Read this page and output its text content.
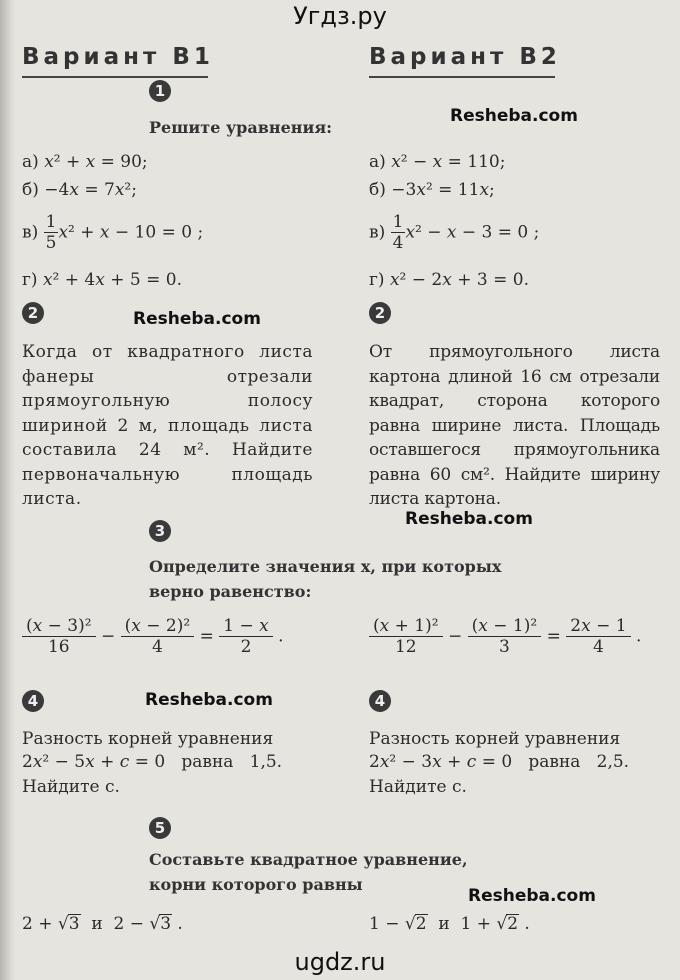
Угдз.ру
Вариант В1	Вариант В2
1
Решите уравнения:
Resheba.com
а) x² + x = 90;
б) −4x = 7x²;
$в) \frac{1}{5} x^2 + x - 10 = 0$ ;
г) x² + 4x + 5 = 0.
а) x² − x = 110;
б) −3x² = 11x;
$в) \frac{1}{4} x^2 - x - 3 = 0$ ;
г) x² − 2x + 3 = 0.
2	Resheba.com	2
Когда от квадратного листа фанеры отрезали прямоугольную полосу шириной 2 м, площадь листа составила 24 м². Найдите первоначальную площадь листа.
От прямоугольного листа картона длиной 16 см отрезали квадрат, сторона которого равна ширине листа. Площадь оставшегося прямоугольника равна 60 см². Найдите ширину листа картона.
3
Resheba.com
Определите значения x, при которых
верно равенство:
$\frac{\text{(x − 3)²}}{16} - \frac{\text{(x − 2)²}}{4} = \frac{1 - x}{2}$ .	$\frac{\text{(x + 1)²}}{12} - \frac{\text{(x − 1)²}}{3} = \frac{2x - 1}{4}$ .
4	Resheba.com	4
Разность корней уравнения
2x² − 5x + c = 0   равна   1,5.
Найдите c.
Разность корней уравнения
2x² − 3x + c = 0   равна   2,5.
Найдите c.
5
Составьте квадратное уравнение,
корни которого равны
Resheba.com
2 + √3  и  2 − √3 .	1 − √2  и  1 + √2 .
ugdz.ru
